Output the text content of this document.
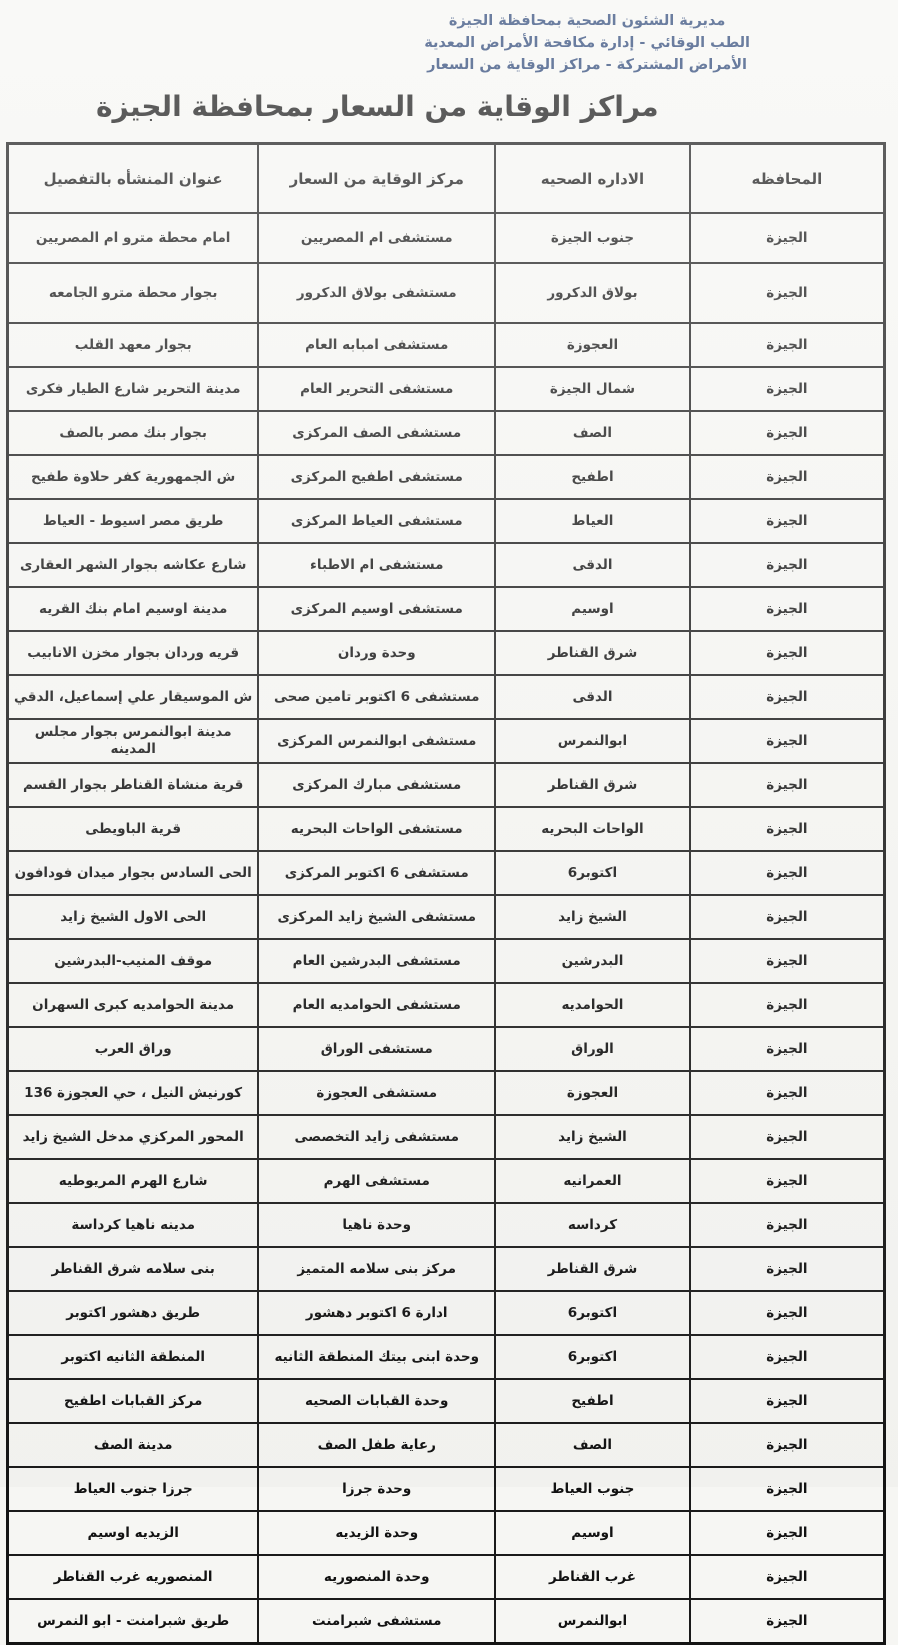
مديرية الشئون الصحية بمحافظة الجيزة
الطب الوقائي - إدارة مكافحة الأمراض المعدية
الأمراض المشتركة - مراكز الوقاية من السعار
مراكز الوقاية من السعار بمحافظة الجيزة
المحافظه	الاداره الصحيه	مركز الوقاية من السعار	عنوان المنشأه بالتفصيل
الجيزة	جنوب الجيزة	مستشفى ام المصريين	امام محطة مترو ام المصريين
الجيزة	بولاق الدكرور	مستشفى بولاق الدكرور	بجوار محطة مترو الجامعه
الجيزة	العجوزة	مستشفى امبابه العام	بجوار معهد القلب
الجيزة	شمال الجيزة	مستشفى التحرير العام	مدينة التحرير شارع الطيار فكرى
الجيزة	الصف	مستشفى الصف المركزى	بجوار بنك مصر بالصف
الجيزة	اطفيح	مستشفى اطفيح المركزى	ش الجمهورية كفر حلاوة طفيح
الجيزة	العياط	مستشفى العياط المركزى	طريق مصر اسيوط - العياط
الجيزة	الدقى	مستشفى ام الاطباء	شارع عكاشه بجوار الشهر العقارى
الجيزة	اوسيم	مستشفى اوسيم المركزى	مدينة اوسيم امام بنك القريه
الجيزة	شرق القناطر	وحدة وردان	قريه وردان بجوار مخزن الانابيب
الجيزة	الدقى	مستشفى 6 اكتوبر تامين صحى	ش الموسيقار علي إسماعيل، الدقي
الجيزة	ابوالنمرس	مستشفى ابوالنمرس المركزى	مدينة ابوالنمرس بجوار مجلس المدينه
الجيزة	شرق القناطر	مستشفى مبارك المركزى	قرية منشاة القناطر بجوار القسم
الجيزة	الواحات البحريه	مستشفى الواحات البحريه	قرية الباويطى
الجيزة	اكتوبر6	مستشفى 6 اكتوبر المركزى	الحى السادس بجوار ميدان فودافون
الجيزة	الشيخ زايد	مستشفى الشيخ زايد المركزى	الحى الاول الشيخ زايد
الجيزة	البدرشين	مستشفى البدرشين العام	موقف المنيب-البدرشين
الجيزة	الحوامديه	مستشفى الحوامديه العام	مدينة الحوامديه كبرى السهران
الجيزة	الوراق	مستشفى الوراق	وراق العرب
الجيزة	العجوزة	مستشفى العجوزة	كورنيش النيل ، حي العجوزة 136
الجيزة	الشيخ زايد	مستشفى زايد التخصصى	المحور المركزي مدخل الشيخ زايد
الجيزة	العمرانيه	مستشفى الهرم	شارع الهرم المريوطيه
الجيزة	كرداسه	وحدة ناهيا	مدينه ناهيا كرداسة
الجيزة	شرق القناطر	مركز بنى سلامه المتميز	بنى سلامه شرق القناطر
الجيزة	اكتوبر6	ادارة 6 اكتوبر دهشور	طريق دهشور اكتوبر
الجيزة	اكتوبر6	وحدة ابنى بيتك المنطقة الثانيه	المنطقة الثانيه اكتوبر
الجيزة	اطفيح	وحدة القبابات الصحيه	مركز القبابات اطفيح
الجيزة	الصف	رعاية طفل الصف	مدينة الصف
الجيزة	جنوب العياط	وحدة جرزا	جرزا جنوب العياط
الجيزة	اوسيم	وحدة الزيديه	الزيديه اوسيم
الجيزة	غرب القناطر	وحدة المنصوريه	المنصوريه غرب القناطر
الجيزة	ابوالنمرس	مستشفى شبرامنت	طريق شبرامنت - ابو النمرس
